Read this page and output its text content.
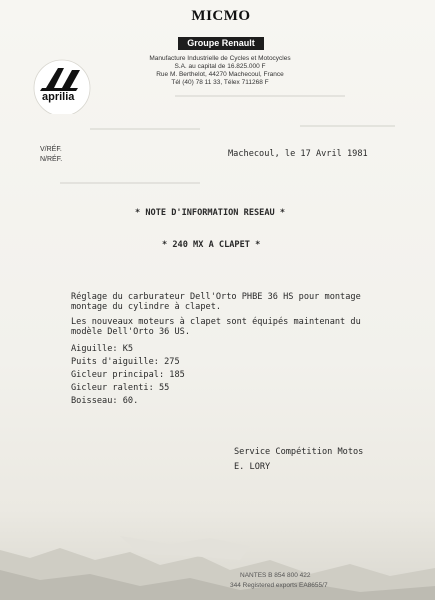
MICMO
Groupe Renault
Manufacture Industrielle de Cycles et Motocycles
S.A. au capital de 16.825.000 F
Rue M. Berthelot, 44270 Machecoul, France
Tél (40) 78 11 33, Télex 711268 F
aprilia
V/RÉF.
N/RÉF.
Machecoul, le 17 Avril 1981
* NOTE D'INFORMATION RESEAU *
* 240 MX A CLAPET *
Réglage du carburateur Dell'Orto PHBE 36 HS pour montage
montage du cylindre à clapet.
Les nouveaux moteurs à clapet sont équipés maintenant du
modèle Dell'Orto 36 US.
Aiguille: K5
Puits d'aiguille: 275
Gicleur principal: 185
Gicleur ralenti: 55
Boisseau: 60.
Service Compétition Motos
E. LORY
NANTES B 854 800 422
344 Registered exports EA8655/7
